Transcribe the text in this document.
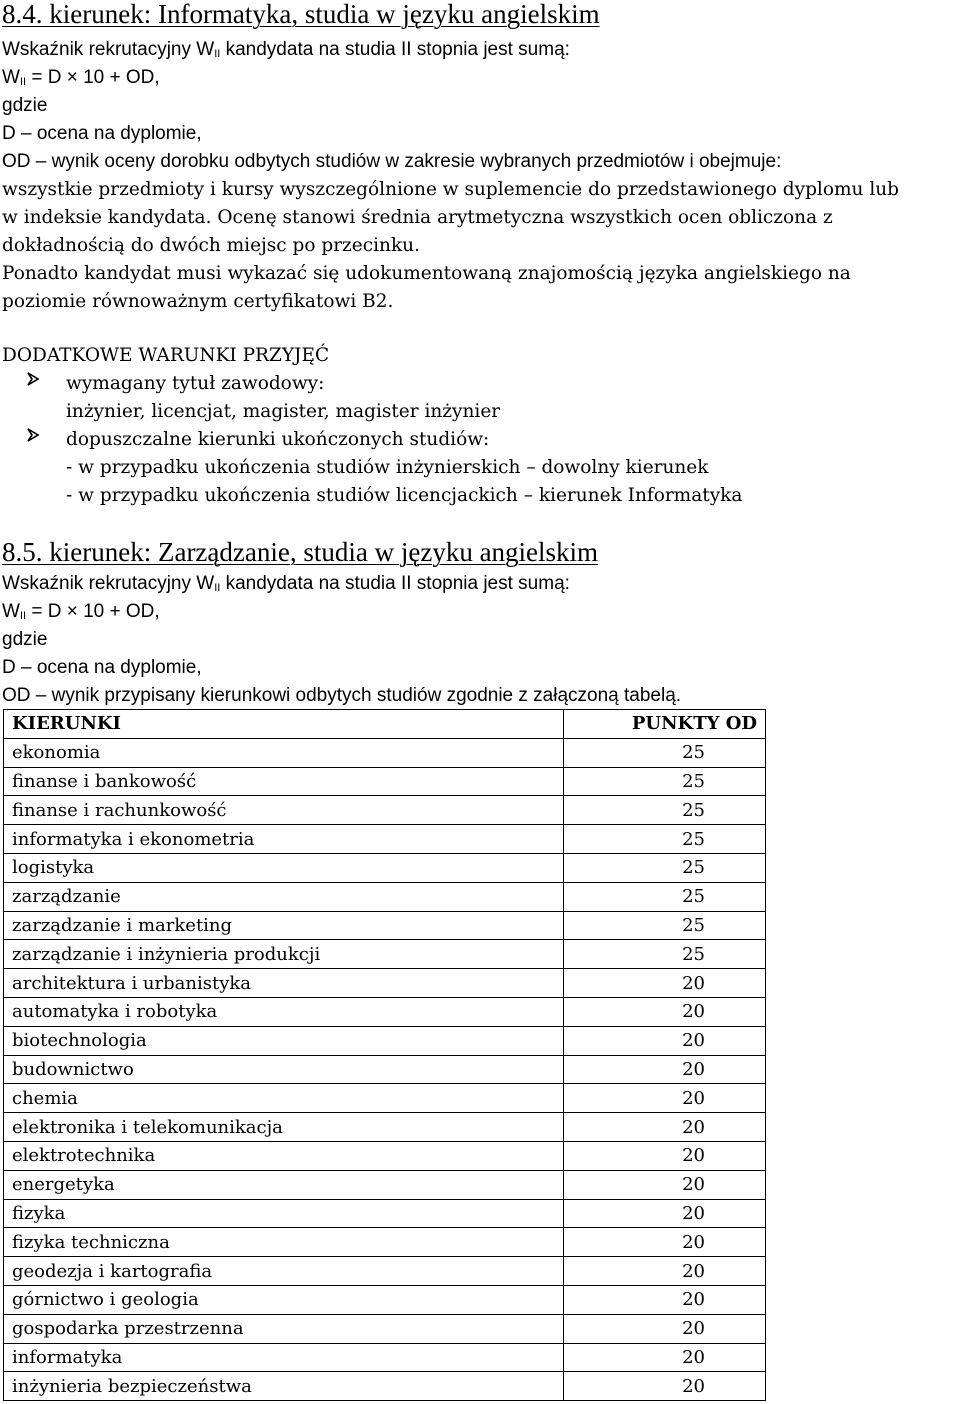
8.4. kierunek: Informatyka, studia w języku angielskim
Wskaźnik rekrutacyjny WII kandydata na studia II stopnia jest sumą:
WII = D × 10 + OD,
gdzie
D – ocena na dyplomie,
OD – wynik oceny dorobku odbytych studiów w zakresie wybranych przedmiotów i obejmuje:
wszystkie przedmioty i kursy wyszczególnione w suplemencie do przedstawionego dyplomu lub
w indeksie kandydata. Ocenę stanowi średnia arytmetyczna wszystkich ocen obliczona z
dokładnością do dwóch miejsc po przecinku.
Ponadto kandydat musi wykazać się udokumentowaną znajomością języka angielskiego na
poziomie równoważnym certyfikatowi B2.
DODATKOWE WARUNKI PRZYJĘĆ
wymagany tytuł zawodowy:
inżynier, licencjat, magister, magister inżynier
dopuszczalne kierunki ukończonych studiów:
- w przypadku ukończenia studiów inżynierskich – dowolny kierunek
- w przypadku ukończenia studiów licencjackich – kierunek Informatyka
8.5. kierunek: Zarządzanie, studia w języku angielskim
Wskaźnik rekrutacyjny WII kandydata na studia II stopnia jest sumą:
WII = D × 10 + OD,
gdzie
D – ocena na dyplomie,
OD – wynik przypisany kierunkowi odbytych studiów zgodnie z załączoną tabelą.
KIERUNKI	PUNKTY OD
ekonomia	25
finanse i bankowość	25
finanse i rachunkowość	25
informatyka i ekonometria	25
logistyka	25
zarządzanie	25
zarządzanie i marketing	25
zarządzanie i inżynieria produkcji	25
architektura i urbanistyka	20
automatyka i robotyka	20
biotechnologia	20
budownictwo	20
chemia	20
elektronika i telekomunikacja	20
elektrotechnika	20
energetyka	20
fizyka	20
fizyka techniczna	20
geodezja i kartografia	20
górnictwo i geologia	20
gospodarka przestrzenna	20
informatyka	20
inżynieria bezpieczeństwa	20
